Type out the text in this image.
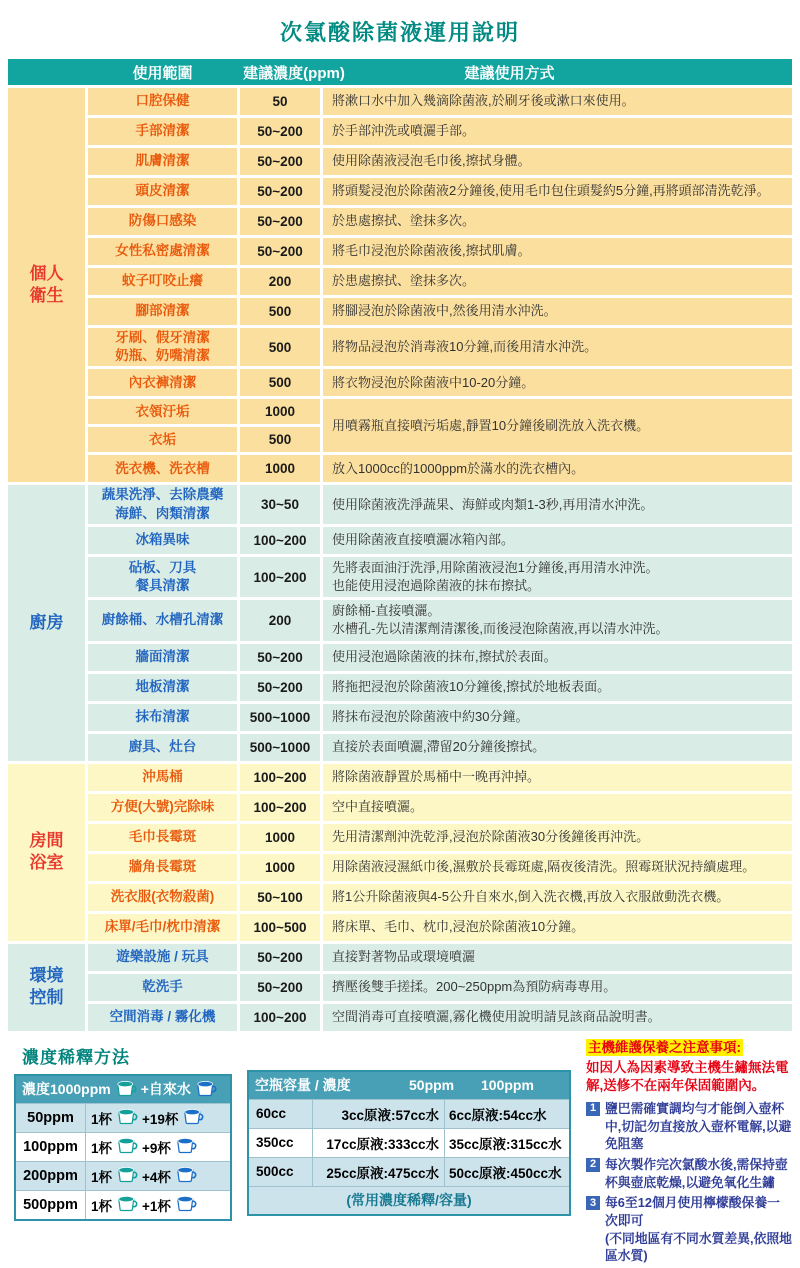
次氯酸除菌液運用說明
使用範圍	建議濃度(ppm)	建議使用方式
個人
衛生
口腔保健	50	將漱口水中加入幾滴除菌液,於刷牙後或漱口來使用。
手部清潔	50~200	於手部沖洗或噴灑手部。
肌膚清潔	50~200	使用除菌液浸泡毛巾後,擦拭身體。
頭皮清潔	50~200	將頭髮浸泡於除菌液2分鐘後,使用毛巾包住頭髮約5分鐘,再將頭部清洗乾淨。
防傷口感染	50~200	於患處擦拭、塗抹多次。
女性私密處清潔	50~200	將毛巾浸泡於除菌液後,擦拭肌膚。
蚊子叮咬止癢	200	於患處擦拭、塗抹多次。
腳部清潔	500	將腳浸泡於除菌液中,然後用清水沖洗。
牙刷、假牙清潔
奶瓶、奶嘴清潔
500	將物品浸泡於消毒液10分鐘,而後用清水沖洗。
內衣褲清潔	500	將衣物浸泡於除菌液中10-20分鐘。
衣領汙垢	1000
衣垢	500
用噴霧瓶直接噴污垢處,靜置10分鐘後刷洗放入洗衣機。
洗衣機、洗衣槽	1000	放入1000cc的1000ppm於滿水的洗衣槽內。
廚房
蔬果洗淨、去除農藥
海鮮、肉類清潔
30~50	使用除菌液洗淨蔬果、海鮮或肉類1-3秒,再用清水沖洗。
冰箱異味	100~200	使用除菌液直接噴灑冰箱內部。
砧板、刀具
餐具清潔
100~200
先將表面油汙洗淨,用除菌液浸泡1分鐘後,再用清水沖洗。
也能使用浸泡過除菌液的抹布擦拭。
廚餘桶、水槽孔清潔	200
廚餘桶-直接噴灑。
水槽孔-先以清潔劑清潔後,而後浸泡除菌液,再以清水沖洗。
牆面清潔	50~200	使用浸泡過除菌液的抹布,擦拭於表面。
地板清潔	50~200	將拖把浸泡於除菌液10分鐘後,擦拭於地板表面。
抹布清潔	500~1000	將抹布浸泡於除菌液中約30分鐘。
廚具、灶台	500~1000	直接於表面噴灑,滯留20分鐘後擦拭。
房間
浴室
沖馬桶	100~200	將除菌液靜置於馬桶中一晚再沖掉。
方便(大號)完除味	100~200	空中直接噴灑。
毛巾長霉斑	1000	先用清潔劑沖洗乾淨,浸泡於除菌液30分後鐘後再沖洗。
牆角長霉斑	1000	用除菌液浸濕紙巾後,濕敷於長霉斑處,隔夜後清洗。照霉斑狀況持續處理。
洗衣服(衣物殺菌)	50~100	將1公升除菌液與4-5公升自來水,倒入洗衣機,再放入衣服啟動洗衣機。
床單/毛巾/枕巾清潔	100~500	將床單、毛巾、枕巾,浸泡於除菌液10分鐘。
環境
控制
遊樂設施 / 玩具	50~200	直接對著物品或環境噴灑
乾洗手	50~200	擠壓後雙手搓揉。200~250ppm為預防病毒專用。
空間消毒 / 霧化機	100~200	空間消毒可直接噴灑,霧化機使用說明請見該商品說明書。
濃度稀釋方法
濃度1000ppm +自來水
50ppm	1杯 +19杯
100ppm 1杯 +9杯
200ppm 1杯 +4杯
500ppm 1杯 +1杯
空瓶容量 / 濃度	50ppm	100ppm
60cc	3cc原液:57cc水 6cc原液:54cc水
350cc	17cc原液:333cc水 35cc原液:315cc水
500cc	25cc原液:475cc水 50cc原液:450cc水
(常用濃度稀釋/容量)
主機維護保養之注意事項:
如因人為因素導致主機生鏽無法電解,送修不在兩年保固範圍內。
1 鹽巴需確實調均勻才能倒入壺杯中,切記勿直接放入壺杯電解,以避免阻塞
2 每次製作完次氯酸水後,需保持壺杯與壺底乾燥,以避免氧化生鏽
3 每6至12個月使用檸檬酸保養一次即可
(不同地區有不同水質差異,依照地區水質)
